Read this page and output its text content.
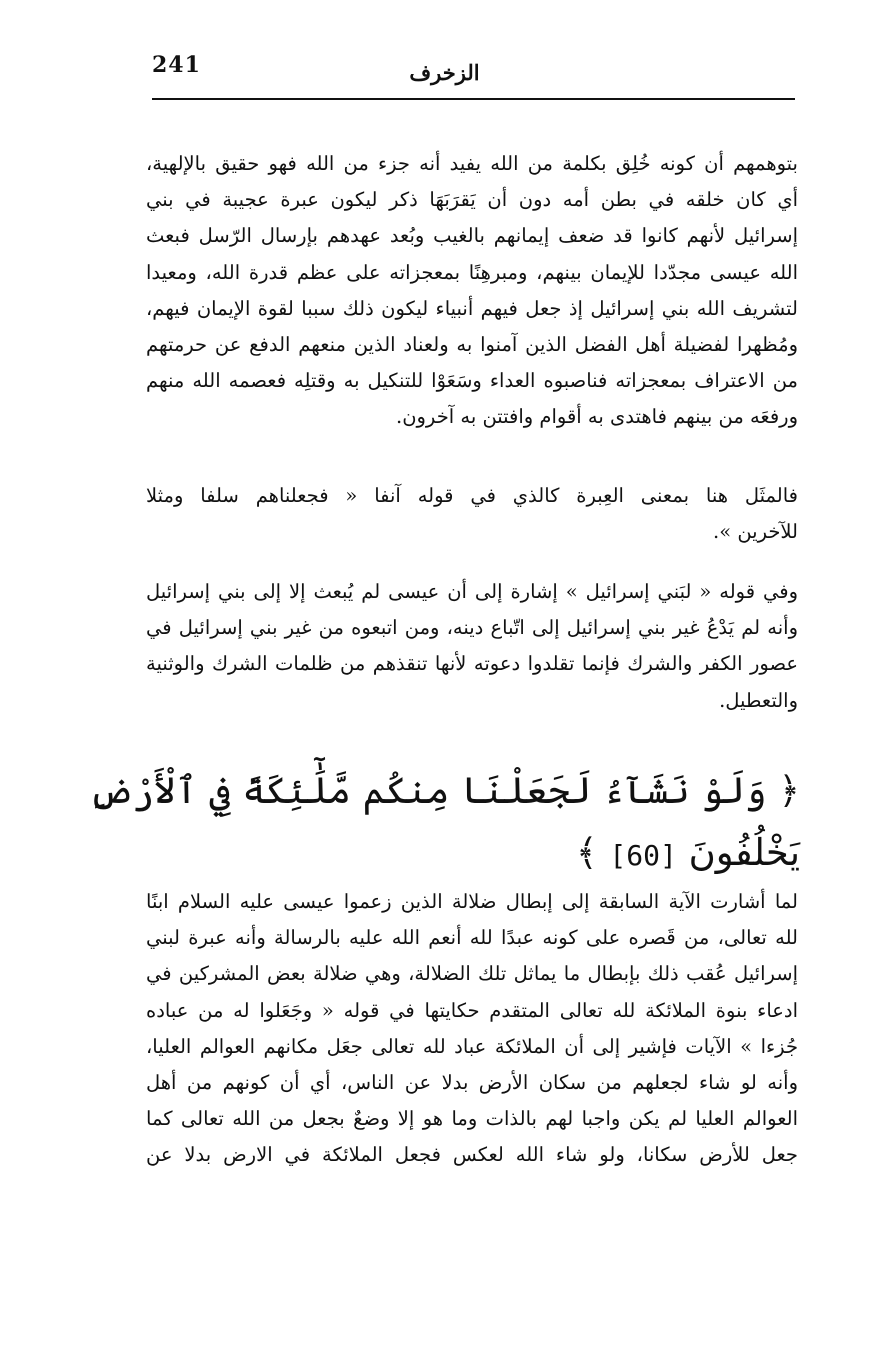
241	الزخرف
بتوهمهم أن كونه خُلِق بكلمة من الله يفيد أنه جزء من الله فهو حقيق بالإلهية،
أي كان خلقه في بطن أمه دون أن يَقرَبَهَا ذكر ليكون عبرة عجيبة في بني
إسرائيل لأنهم كانوا قد ضعف إيمانهم بالغيب وبُعد عهدهم بإرسال الرّسل فبعث
الله عيسى مجدّدا للإيمان بينهم، ومبرهِنًا بمعجزاته على عظم قدرة الله، ومعيدا
لتشريف الله بني إسرائيل إذ جعل فيهم أنبياء ليكون ذلك سببا لقوة الإيمان فيهم،
ومُظهرا لفضيلة أهل الفضل الذين آمنوا به ولعناد الذين منعهم الدفع عن حرمتهم
من الاعتراف بمعجزاته فناصبوه العداء وسَعَوْا للتنكيل به وقتلِه فعصمه الله منهم
ورفعَه من بينهم فاهتدى به أقوام وافتتن به آخرون.
فالمثَل هنا بمعنى العِبرة كالذي في قوله آنفا « فجعلناهم سلفا ومثلا
للآخرين ».
وفي قوله « لبَني إسرائيل » إشارة إلى أن عيسى لم يُبعث إلا إلى بني إسرائيل
وأنه لم يَدْعُ غير بني إسرائيل إلى اتّباع دينه، ومن اتبعوه من غير بني إسرائيل في
عصور الكفر والشرك فإنما تقلدوا دعوته لأنها تنقذهم من ظلمات الشرك والوثنية
والتعطيل.
﴿ وَلَوْ نَشَآءُ لَجَعَلْنَا مِنكُم مَّلَٰٓئِكَةً فِي ٱلْأَرْضِ
يَخْلُفُونَ [60] ﴾
لما أشارت الآية السابقة إلى إبطال ضلالة الذين زعموا عيسى عليه السلام ابنًا
لله تعالى، من قَصره على كونه عبدًا لله أنعم الله عليه بالرسالة وأنه عبرة لبني
إسرائيل عُقب ذلك بإبطال ما يماثل تلك الضلالة، وهي ضلالة بعض المشركين في
ادعاء بنوة الملائكة لله تعالى المتقدم حكايتها في قوله « وجَعَلوا له من عباده
جُزءا » الآيات فإشير إلى أن الملائكة عباد لله تعالى جعَل مكانهم العوالم العليا،
وأنه لو شاء لجعلهم من سكان الأرض بدلا عن الناس، أي أن كونهم من أهل
العوالم العليا لم يكن واجبا لهم بالذات وما هو إلا وضعٌ بجعل من الله تعالى كما
جعل للأرض سكانا، ولو شاء الله لعكس فجعل الملائكة في الارض بدلا عن
